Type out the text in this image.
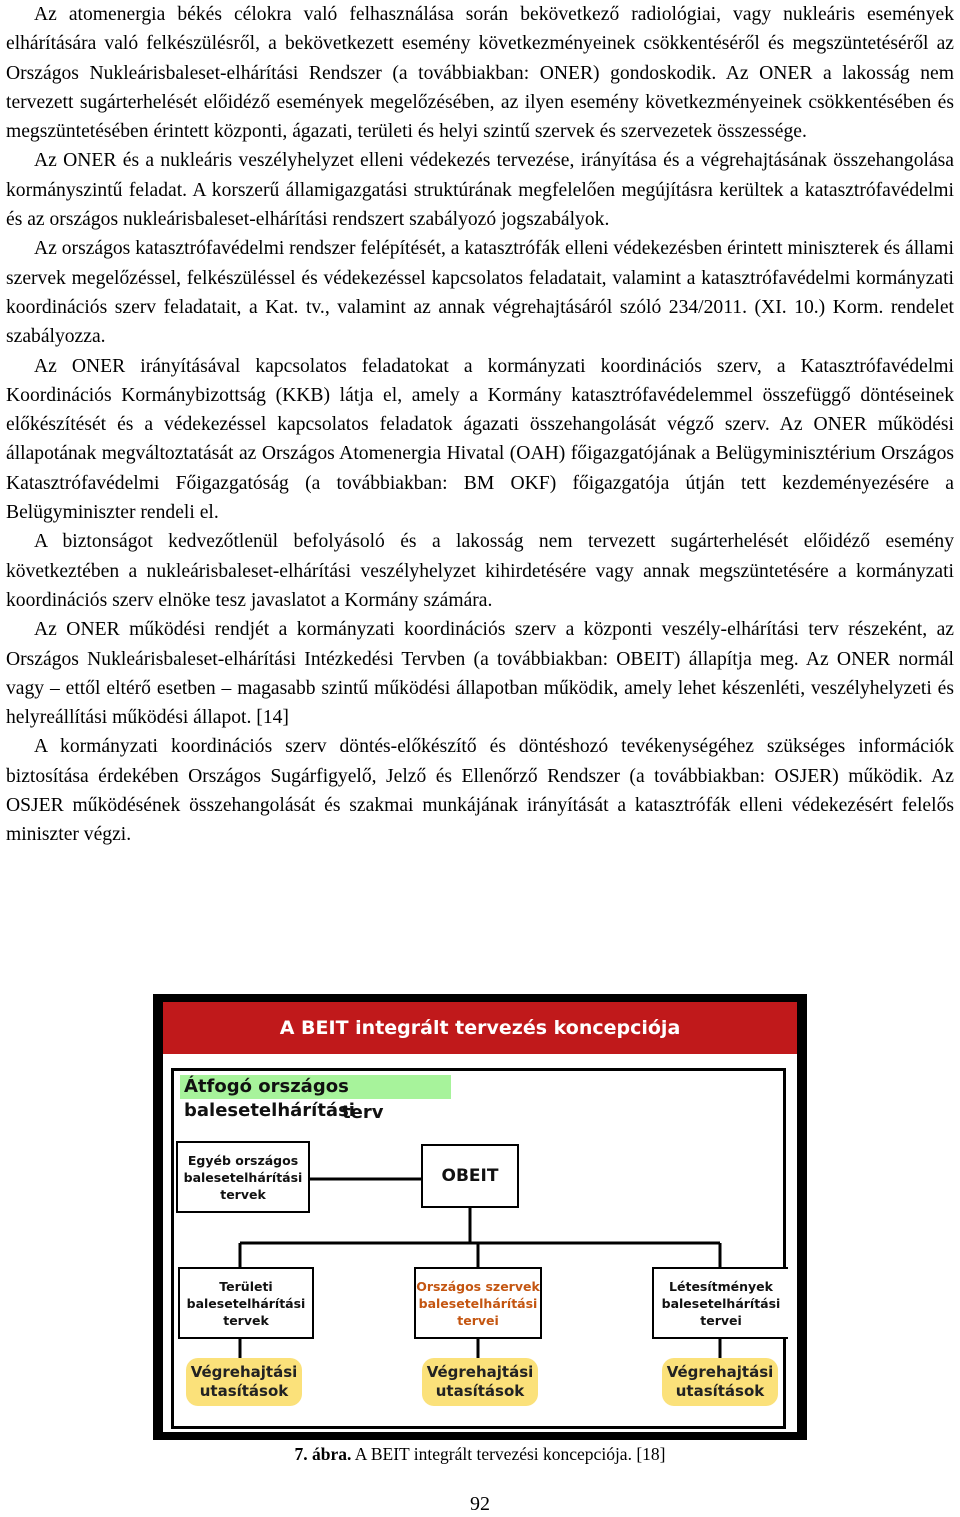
Az atomenergia békés célokra való felhasználása során bekövetkező radiológiai, vagy nukleáris események elhárítására való felkészülésről, a bekövetkezett esemény következményeinek csökkentéséről és megszüntetéséről az Országos Nukleárisbaleset-elhárítási Rendszer (a továbbiakban: ONER) gondoskodik. Az ONER a lakosság nem tervezett sugárterhelését előidéző események megelőzésében, az ilyen esemény következményeinek csökkentésében és megszüntetésében érintett központi, ágazati, területi és helyi szintű szervek és szervezetek összessége.

Az ONER és a nukleáris veszélyhelyzet elleni védekezés tervezése, irányítása és a végrehajtásának összehangolása kormányszintű feladat. A korszerű államigazgatási struktúrának megfelelően megújításra kerültek a katasztrófavédelmi és az országos nukleárisbaleset-elhárítási rendszert szabályozó jogszabályok.

Az országos katasztrófavédelmi rendszer felépítését, a katasztrófák elleni védekezésben érintett miniszterek és állami szervek megelőzéssel, felkészüléssel és védekezéssel kapcsolatos feladatait, valamint a katasztrófavédelmi kormányzati koordinációs szerv feladatait, a Kat. tv., valamint az annak végrehajtásáról szóló 234/2011. (XI. 10.) Korm. rendelet szabályozza.

Az ONER irányításával kapcsolatos feladatokat a kormányzati koordinációs szerv, a Katasztrófavédelmi Koordinációs Kormánybizottság (KKB) látja el, amely a Kormány katasztrófavédelemmel összefüggő döntéseinek előkészítését és a védekezéssel kapcsolatos feladatok ágazati összehangolását végző szerv. Az ONER működési állapotának megváltoztatását az Országos Atomenergia Hivatal (OAH) főigazgatójának a Belügyminisztérium Országos Katasztrófavédelmi Főigazgatóság (a továbbiakban: BM OKF) főigazgatója útján tett kezdeményezésére a Belügyminiszter rendeli el.

A biztonságot kedvezőtlenül befolyásoló és a lakosság nem tervezett sugárterhelését előidéző esemény következtében a nukleárisbaleset-elhárítási veszélyhelyzet kihirdetésére vagy annak megszüntetésére a kormányzati koordinációs szerv elnöke tesz javaslatot a Kormány számára.

Az ONER működési rendjét a kormányzati koordinációs szerv a központi veszély-elhárítási terv részeként, az Országos Nukleárisbaleset-elhárítási Intézkedési Tervben (a továbbiakban: OBEIT) állapítja meg. Az ONER normál vagy – ettől eltérő esetben – magasabb szintű működési állapotban működik, amely lehet készenléti, veszélyhelyzeti és helyreállítási működési állapot. [14]

A kormányzati koordinációs szerv döntés-előkészítő és döntéshozó tevékenységéhez szükséges információk biztosítása érdekében Országos Sugárfigyelő, Jelző és Ellenőrző Rendszer (a továbbiakban: OSJER) működik. Az OSJER működésének összehangolását és szakmai munkájának irányítását a katasztrófák elleni védekezésért felelős miniszter végzi.

A BEIT integrált tervezés koncepciója
Átfogó országos balesetelhárítási
terv
Egyéb országos balesetelhárítási tervek
OBEIT
Területi balesetelhárítási tervek
Országos szervek balesetelhárítási tervei
Létesítmények balesetelhárítási tervei
Végrehajtási utasítások
Végrehajtási utasítások
Végrehajtási utasítások
7. ábra. A BEIT integrált tervezési koncepciója. [18]
92
